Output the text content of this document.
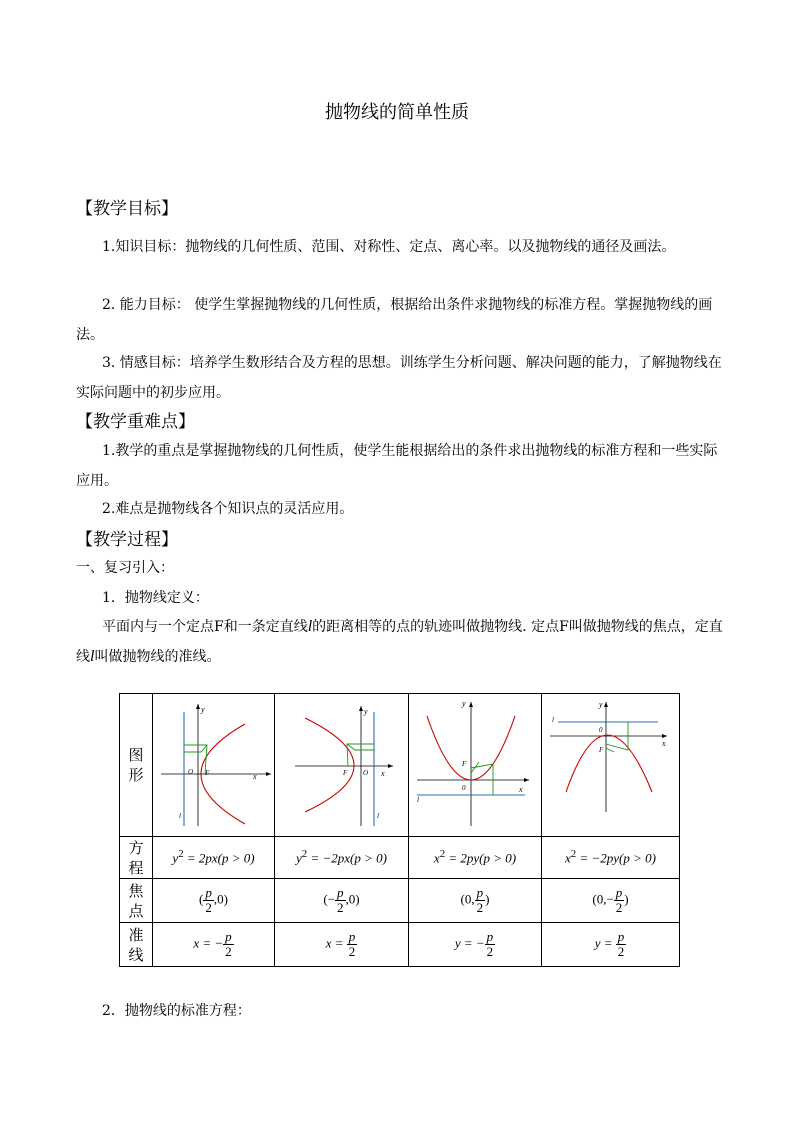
抛物线的简单性质
【教学目标】
1.知识目标：抛物线的几何性质、范围、对称性、定点、离心率。以及抛物线的通径及画法。
2. 能力目标： 使学生掌握抛物线的几何性质，根据给出条件求抛物线的标准方程。掌握抛物线的画法。
3. 情感目标：培养学生数形结合及方程的思想。训练学生分析问题、解决问题的能力，了解抛物线在实际问题中的初步应用。
【教学重难点】
1.教学的重点是掌握抛物线的几何性质，使学生能根据给出的条件求出抛物线的标准方程和一些实际应用。
2.难点是抛物线各个知识点的灵活应用。
【教学过程】
一、复习引入：
1．抛物线定义：
平面内与一个定点F和一条定直线l的距离相等的点的轨迹叫做抛物线. 定点F叫做抛物线的焦点，定直线l叫做抛物线的准线。
图
形	x
y
O F
l	x
y
O
F
l	x
y
0
F
l	x
y
0
F
l

方
程	$y^2 = 2px(p > 0)$	$y^2 = -2px(p > 0)$	$x^2 = 2py(p > 0)$	$x^2 = -2py(p > 0)$
焦
点	( $\frac{p}{2} ,0$)	(− $\frac{p}{2} ,0$)	(0, $\frac{p}{2}$ )	($0,- \frac{p}{2}$ )
准
线	x = − $\frac{p}{2}$	$x = \frac{p}{2}$	y = − $\frac{p}{2}$	$y = \frac{p}{2}$
2．抛物线的标准方程：
